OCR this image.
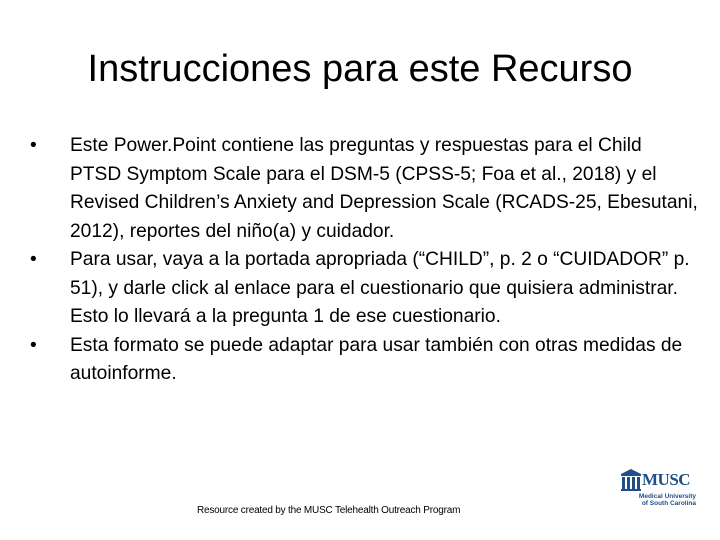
Instrucciones para este Recurso
•	Este Power.Point contiene las preguntas y respuestas para el Child PTSD Symptom Scale para el DSM-5 (CPSS-5; Foa et al., 2018) y el Revised Children’s Anxiety and Depression Scale (RCADS-25, Ebesutani, 2012), reportes del niño(a) y cuidador.
•	Para usar, vaya a la portada apropriada (“CHILD”, p. 2 o “CUIDADOR” p. 51), y darle click al enlace para el cuestionario que quisiera administrar. Esto lo llevará a la pregunta 1 de ese cuestionario.
•	Esta formato se puede adaptar para usar también con otras medidas de autoinforme.
Resource created by the MUSC Telehealth Outreach Program
MUSC
Medical University
of South Carolina
